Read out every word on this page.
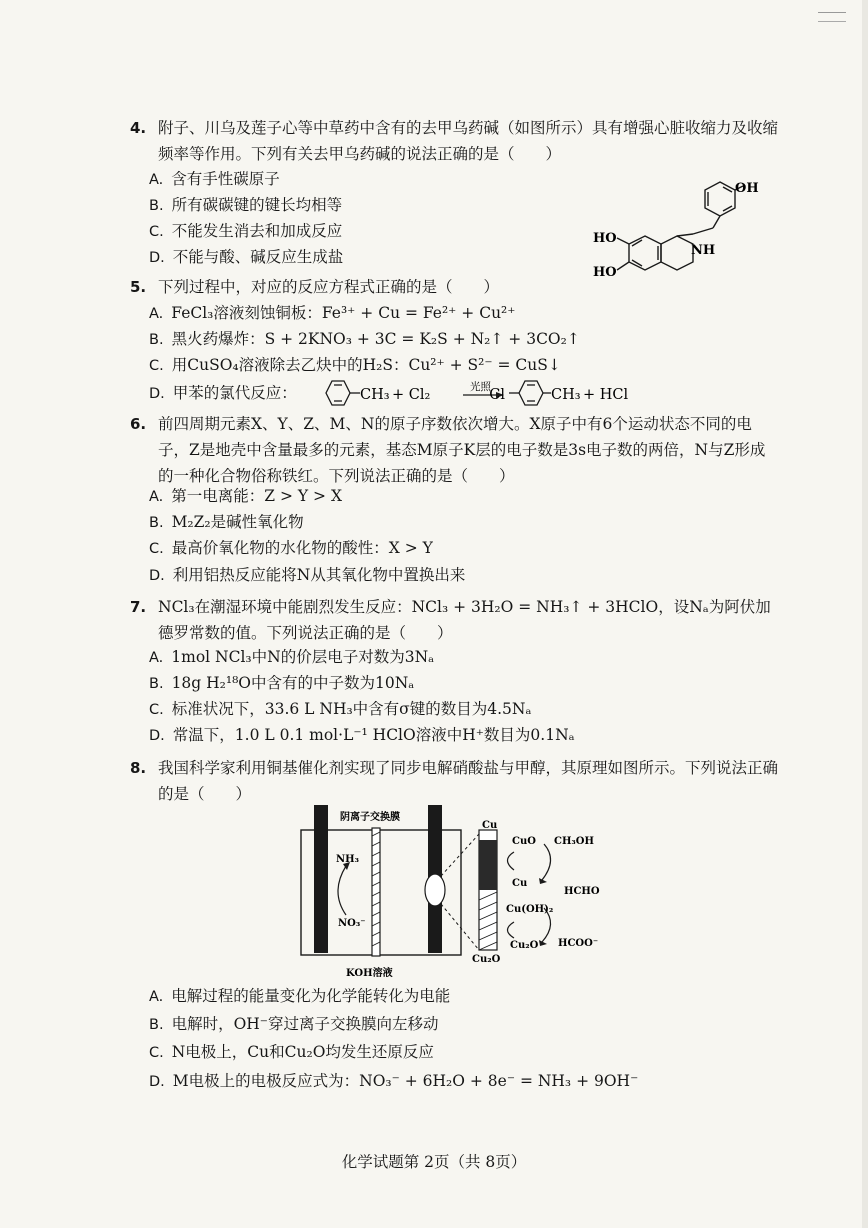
4. 附子、川乌及莲子心等中草药中含有的去甲乌药碱（如图所示）具有增强心脏收缩力及收缩频率等作用。下列有关去甲乌药碱的说法正确的是（　　）
A. 含有手性碳原子
B. 所有碳碳键的键长均相等
C. 不能发生消去和加成反应
D. 不能与酸、碱反应生成盐
OH
HO
HO
NH
5. 下列过程中，对应的反应方程式正确的是（　　）
A. FeCl₃溶液刻蚀铜板：Fe³⁺ + Cu = Fe²⁺ + Cu²⁺
B. 黑火药爆炸：S + 2KNO₃ + 3C = K₂S + N₂↑ + 3CO₂↑
C. 用CuSO₄溶液除去乙炔中的H₂S：Cu²⁺ + S²⁻ = CuS↓
D. 甲苯的氯代反应：	CH₃ + Cl₂	光照
Cl	CH₃ + HCl
6. 前四周期元素X、Y、Z、M、N的原子序数依次增大。X原子中有6个运动状态不同的电子，Z是地壳中含量最多的元素，基态M原子K层的电子数是3s电子数的两倍，N与Z形成的一种化合物俗称铁红。下列说法正确的是（　　）
A. 第一电离能：Z > Y > X
B. M₂Z₂是碱性氧化物
C. 最高价氧化物的水化物的酸性：X > Y
D. 利用铝热反应能将N从其氧化物中置换出来
7. NCl₃在潮湿环境中能剧烈发生反应：NCl₃ + 3H₂O = NH₃↑ + 3HClO，设Nₐ为阿伏加德罗常数的值。下列说法正确的是（　　）
A. 1mol NCl₃中N的价层电子对数为3Nₐ
B. 18g H₂¹⁸O中含有的中子数为10Nₐ
C. 标准状况下，33.6 L NH₃中含有σ键的数目为4.5Nₐ
D. 常温下，1.0 L 0.1 mol·L⁻¹ HClO溶液中H⁺数目为0.1Nₐ
8. 我国科学家利用铜基催化剂实现了同步电解硝酸盐与甲醇，其原理如图所示。下列说法正确的是（　　）
阴离子交换膜
KOH溶液
NH₃
NO₃⁻
Cu
CuO CH₃OH
Cu
HCHO
Cu(OH)₂
Cu₂O HCOO⁻
Cu₂O
A. 电解过程的能量变化为化学能转化为电能
B. 电解时，OH⁻穿过离子交换膜向左移动
C. N电极上，Cu和Cu₂O均发生还原反应
D. M电极上的电极反应式为：NO₃⁻ + 6H₂O + 8e⁻ = NH₃ + 9OH⁻
化学试题第 2页（共 8页）
